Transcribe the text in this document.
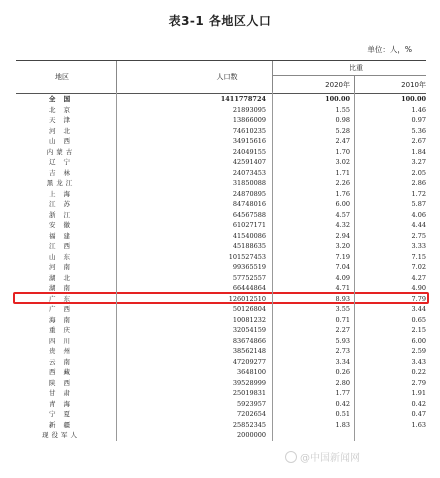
表3-1 各地区人口
单位：人，%
地区	人口数
比重
2020年	2010年
全 国	1411778724	100.00	100.00
北 京	21893095	1.55	1.46
天 津	13866009	0.98	0.97
河 北	74610235	5.28	5.36
山 西	34915616	2.47	2.67
内蒙古	24049155	1.70	1.84
辽 宁	42591407	3.02	3.27
吉 林	24073453	1.71	2.05
黑龙江	31850088	2.26	2.86
上 海	24870895	1.76	1.72
江 苏	84748016	6.00	5.87
浙 江	64567588	4.57	4.06
安 徽	61027171	4.32	4.44
福 建	41540086	2.94	2.75
江 西	45188635	3.20	3.33
山 东	101527453	7.19	7.15
河 南	99365519	7.04	7.02
湖 北	57752557	4.09	4.27
湖 南	66444864	4.71	4.90
广 东	126012510	8.93	7.79
广 西	50126804	3.55	3.44
海 南	10081232	0.71	0.65
重 庆	32054159	2.27	2.15
四 川	83674866	5.93	6.00
贵 州	38562148	2.73	2.59
云 南	47209277	3.34	3.43
西 藏	3648100	0.26	0.22
陕 西	39528999	2.80	2.79
甘 肃	25019831	1.77	1.91
青 海	5923957	0.42	0.42
宁 夏	7202654	0.51	0.47
新 疆	25852345	1.83	1.63
现役军人	2000000
@中国新闻网
